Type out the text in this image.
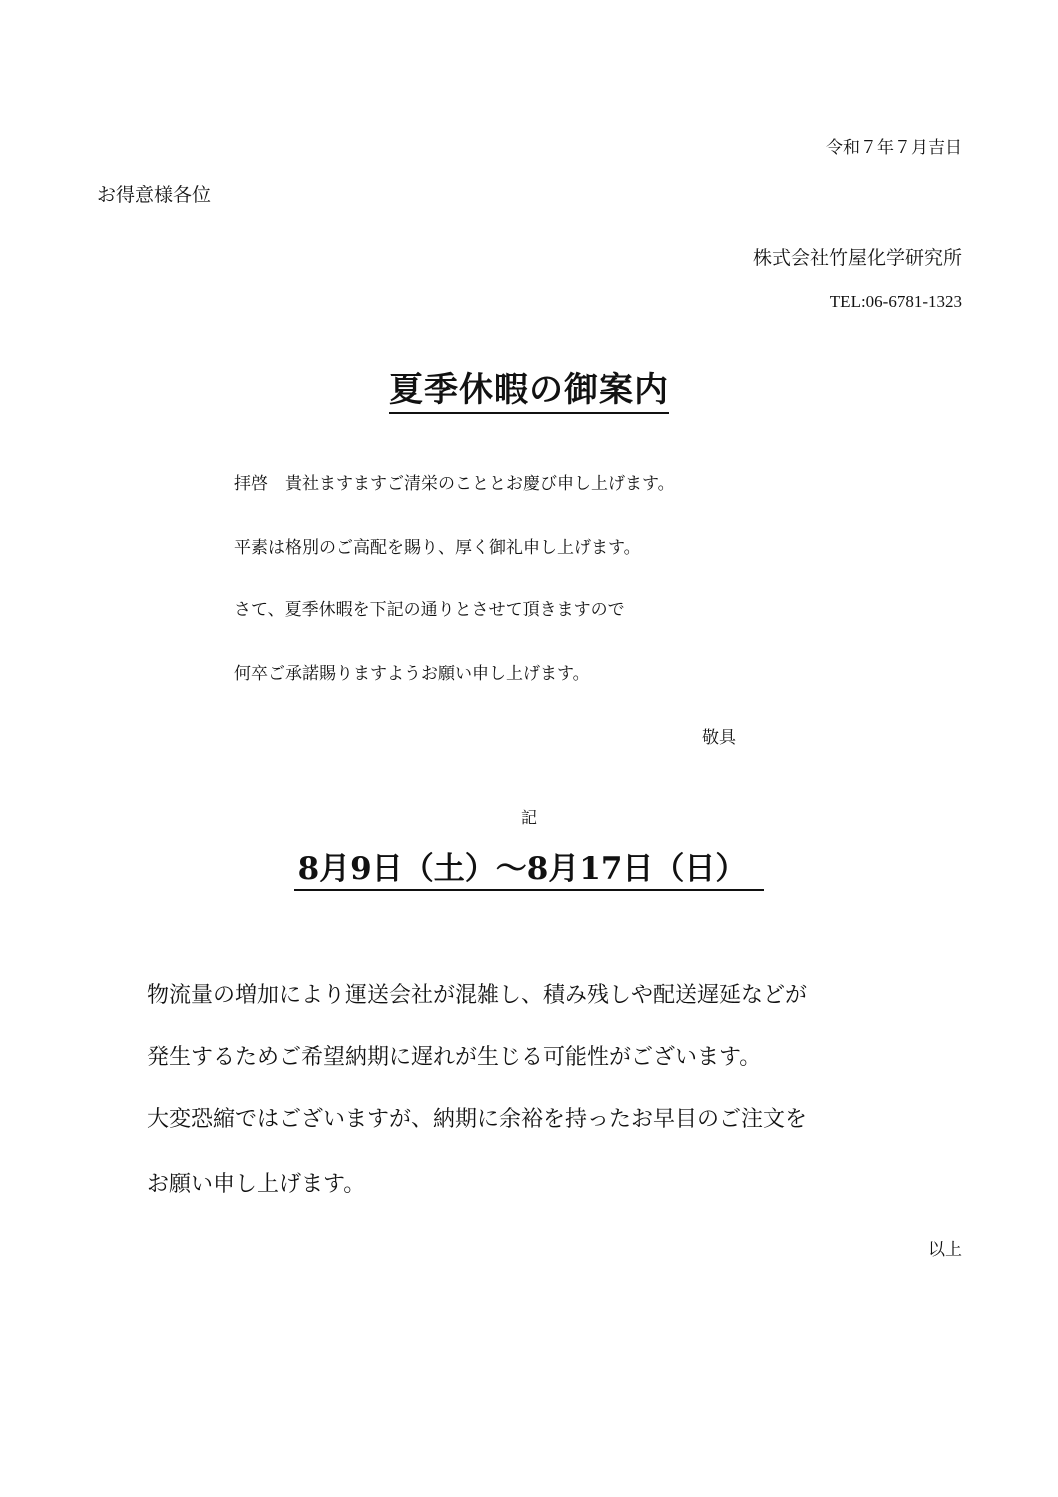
令和７年７月吉日
お得意様各位
株式会社竹屋化学研究所
TEL:06-6781-1323
夏季休暇の御案内
拝啓　貴社ますますご清栄のこととお慶び申し上げます。
平素は格別のご高配を賜り、厚く御礼申し上げます。
さて、夏季休暇を下記の通りとさせて頂きますので
何卒ご承諾賜りますようお願い申し上げます。
敬具
記
8月9日（土）～8月17日（日）
物流量の増加により運送会社が混雑し、積み残しや配送遅延などが
発生するためご希望納期に遅れが生じる可能性がございます。
大変恐縮ではございますが、納期に余裕を持ったお早目のご注文を
お願い申し上げます。
以上
